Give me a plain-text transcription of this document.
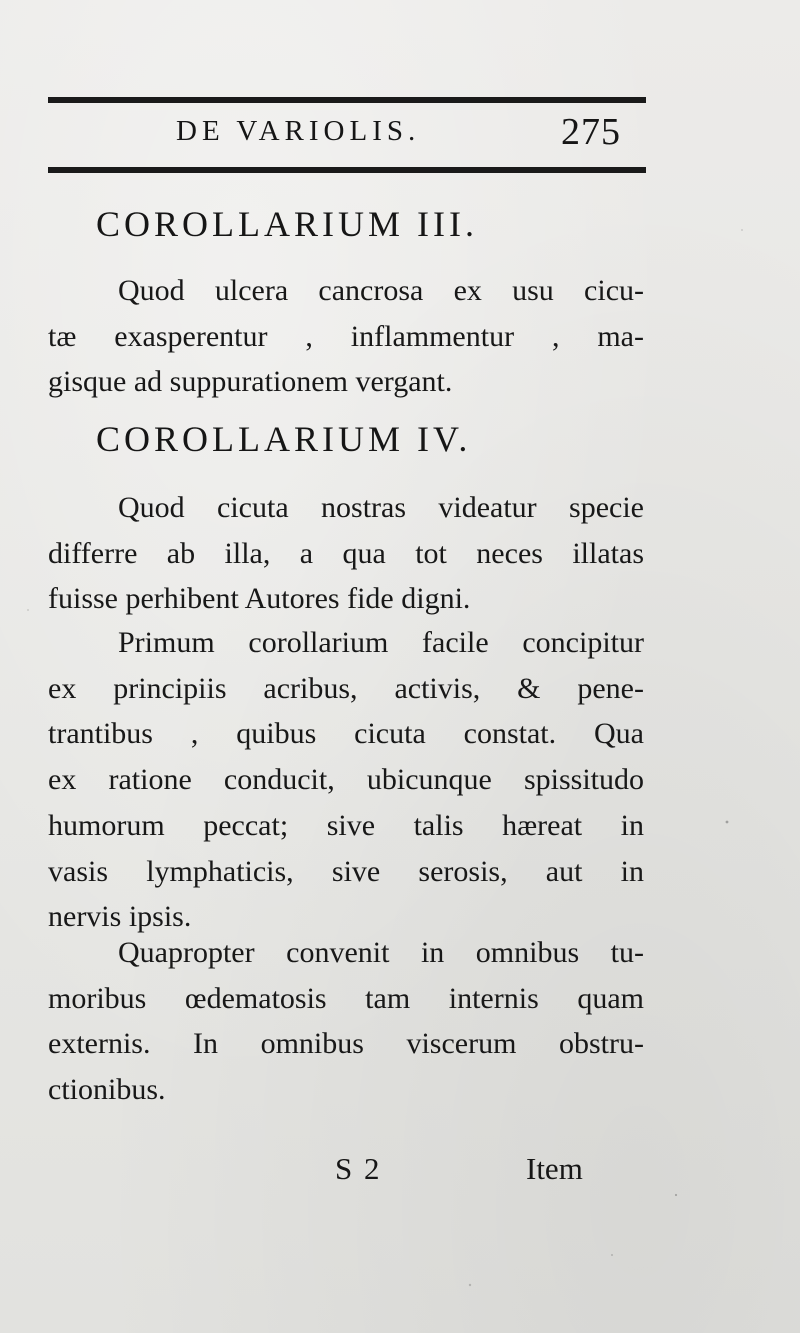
DE VARIOLIS.	275
COROLLARIUM III.
Quod ulcera cancrosa ex usu cicu-
tæ exasperentur , inflammentur , ma-
gisque ad suppurationem vergant.
COROLLARIUM IV.
Quod cicuta nostras videatur specie
differre ab illa, a qua tot neces illatas
fuisse perhibent Autores fide digni.
Primum corollarium facile concipitur
ex principiis acribus, activis, & pene-
trantibus , quibus cicuta constat. Qua
ex ratione conducit, ubicunque spissitudo
humorum peccat; sive talis hæreat in
vasis lymphaticis, sive serosis, aut in
nervis ipsis.
Quapropter convenit in omnibus tu-
moribus œdematosis tam internis quam
externis. In omnibus viscerum obstru-
ctionibus.
S 2	Item
